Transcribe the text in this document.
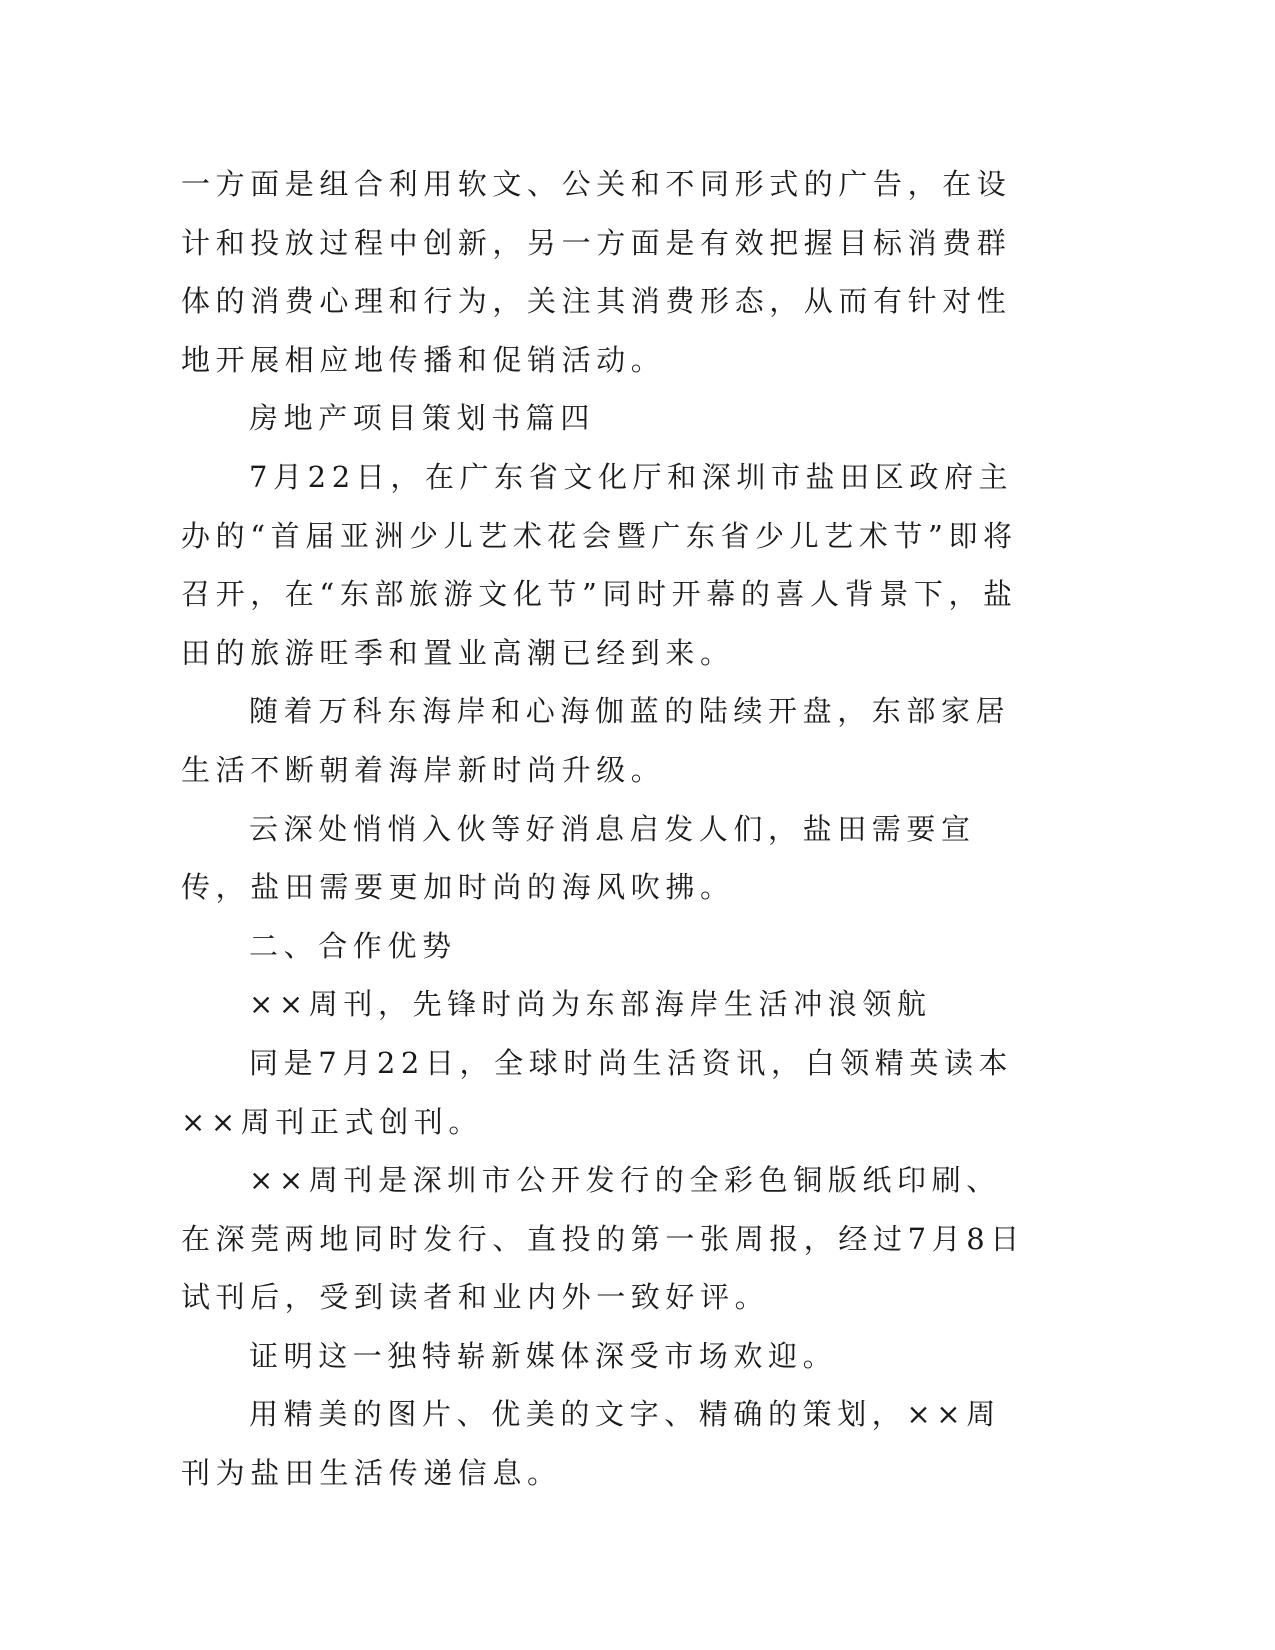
一方面是组合利用软文、公关和不同形式的广告，在设计和投放过程中创新，另一方面是有效把握目标消费群体的消费心理和行为，关注其消费形态，从而有针对性地开展相应地传播和促销活动。

房地产项目策划书篇四

7月22日，在广东省文化厅和深圳市盐田区政府主办的“首届亚洲少儿艺术花会暨广东省少儿艺术节”即将召开，在“东部旅游文化节”同时开幕的喜人背景下，盐田的旅游旺季和置业高潮已经到来。

随着万科东海岸和心海伽蓝的陆续开盘，东部家居生活不断朝着海岸新时尚升级。

云深处悄悄入伙等好消息启发人们，盐田需要宣传，盐田需要更加时尚的海风吹拂。

二、合作优势

××周刊，先锋时尚为东部海岸生活冲浪领航

同是7月22日，全球时尚生活资讯，白领精英读本××周刊正式创刊。

××周刊是深圳市公开发行的全彩色铜版纸印刷、在深莞两地同时发行、直投的第一张周报，经过7月8日试刊后，受到读者和业内外一致好评。

证明这一独特崭新媒体深受市场欢迎。

用精美的图片、优美的文字、精确的策划，××周刊为盐田生活传递信息。
